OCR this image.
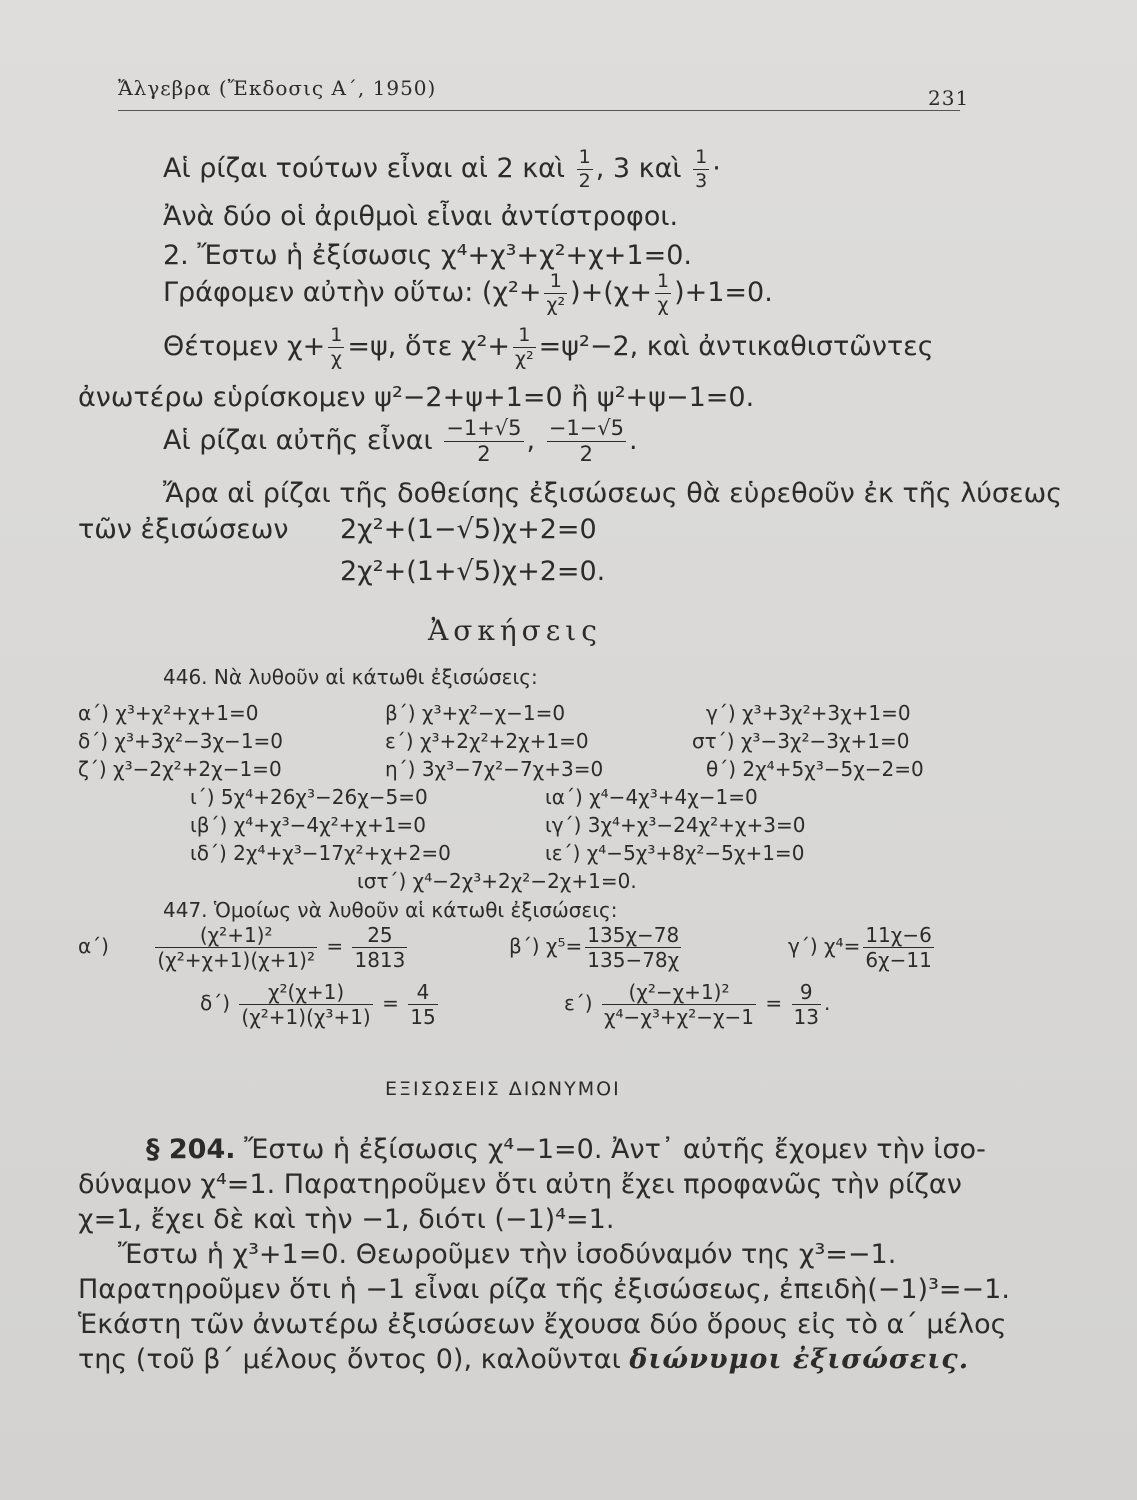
Ἄλγεβρα (Ἔκδοσις Α΄, 1950)	231
Αἱ ρίζαι τούτων εἶναι αἱ 2 καὶ $\frac{1}{2}$ , 3 καὶ $\frac{1}{3}$ ·
Ἀνὰ δύο οἱ ἀριθμοὶ εἶναι ἀντίστροφοι.
2. Ἔστω ἡ ἐξίσωσις χ⁴+χ³+χ²+χ+1=0.
Γράφομεν αὐτὴν οὕτω: $(\chi^2+ \frac{1}{\text{χ²}} )+(\chi+ \frac{1}{\chi} )+1=0$.
Θέτομεν $\chi+ \frac{1}{\chi} =\psi$, ὅτε $\chi^2+ \frac{1}{\text{χ²}} =\psi^2-2$, καὶ ἀντικαθιστῶντες
ἀνωτέρω εὑρίσκομεν ψ²−2+ψ+1=0 ἢ ψ²+ψ−1=0.
Αἱ ρίζαι αὐτῆς εἶναι $\frac{-1+√5}{2}$ , $\frac{-1-√5}{2}$ .
Ἄρα αἱ ρίζαι τῆς δοθείσης ἐξισώσεως θὰ εὑρεθοῦν ἐκ τῆς λύσεως
τῶν ἐξισώσεων 2χ²+(1−√5)χ+2=0
2χ²+(1+√5)χ+2=0.
Ἀσκήσεις
446. Νὰ λυθοῦν αἱ κάτωθι ἐξισώσεις:
α΄) χ³+χ²+χ+1=0	β΄) χ³+χ²−χ−1=0	γ΄) χ³+3χ²+3χ+1=0
δ΄) χ³+3χ²−3χ−1=0	ε΄) χ³+2χ²+2χ+1=0	στ΄) χ³−3χ²−3χ+1=0
ζ΄) χ³−2χ²+2χ−1=0	η΄) 3χ³−7χ²−7χ+3=0	θ΄) 2χ⁴+5χ³−5χ−2=0
ι΄) 5χ⁴+26χ³−26χ−5=0	ια΄) χ⁴−4χ³+4χ−1=0
ιβ΄) χ⁴+χ³−4χ²+χ+1=0	ιγ΄) 3χ⁴+χ³−24χ²+χ+3=0
ιδ΄) 2χ⁴+χ³−17χ²+χ+2=0	ιε΄) χ⁴−5χ³+8χ²−5χ+1=0
ιστ΄) χ⁴−2χ³+2χ²−2χ+1=0.
447. Ὁμοίως νὰ λυθοῦν αἱ κάτωθι ἐξισώσεις:
$\alpha΄) \frac{\text{(χ²+1)²}}{\text{(χ²+χ+1)(χ+1)²}} = \frac{25}{1813}$	β΄) $\chi^5= \frac{135\chi-78}{135-78\chi}$	γ΄) $\chi^4= \frac{11\chi-6}{6\chi-11}$
$\delta΄) \frac{\text{χ²(χ+1)}}{\text{(χ²+1)(χ³+1)}} = \frac{4}{15}$	$\varepsilon΄) \frac{\text{(χ²−χ+1)²}}{\text{χ⁴−χ³+χ²−χ−1}} = \frac{9}{13}$ .
ΕΞΙΣΩΣΕΙΣ ΔΙΩΝΥΜΟΙ
§ 204. Ἔστω ἡ ἐξίσωσις χ⁴−1=0. Ἀντ᾽ αὐτῆς ἔχομεν τὴν ἰσο-
δύναμον χ⁴=1. Παρατηροῦμεν ὅτι αὐτη ἔχει προφανῶς τὴν ρίζαν
χ=1, ἔχει δὲ καὶ τὴν −1, διότι (−1)⁴=1.
Ἔστω ἡ χ³+1=0. Θεωροῦμεν τὴν ἰσοδύναμόν της χ³=−1.
Παρατηροῦμεν ὅτι ἡ −1 εἶναι ρίζα τῆς ἐξισώσεως, ἐπειδὴ(−1)³=−1.
Ἑκάστη τῶν ἀνωτέρω ἐξισώσεων ἔχουσα δύο ὅρους εἰς τὸ α΄ μέλος
της (τοῦ β΄ μέλους ὄντος 0), καλοῦνται διώνυμοι ἐξισώσεις.
